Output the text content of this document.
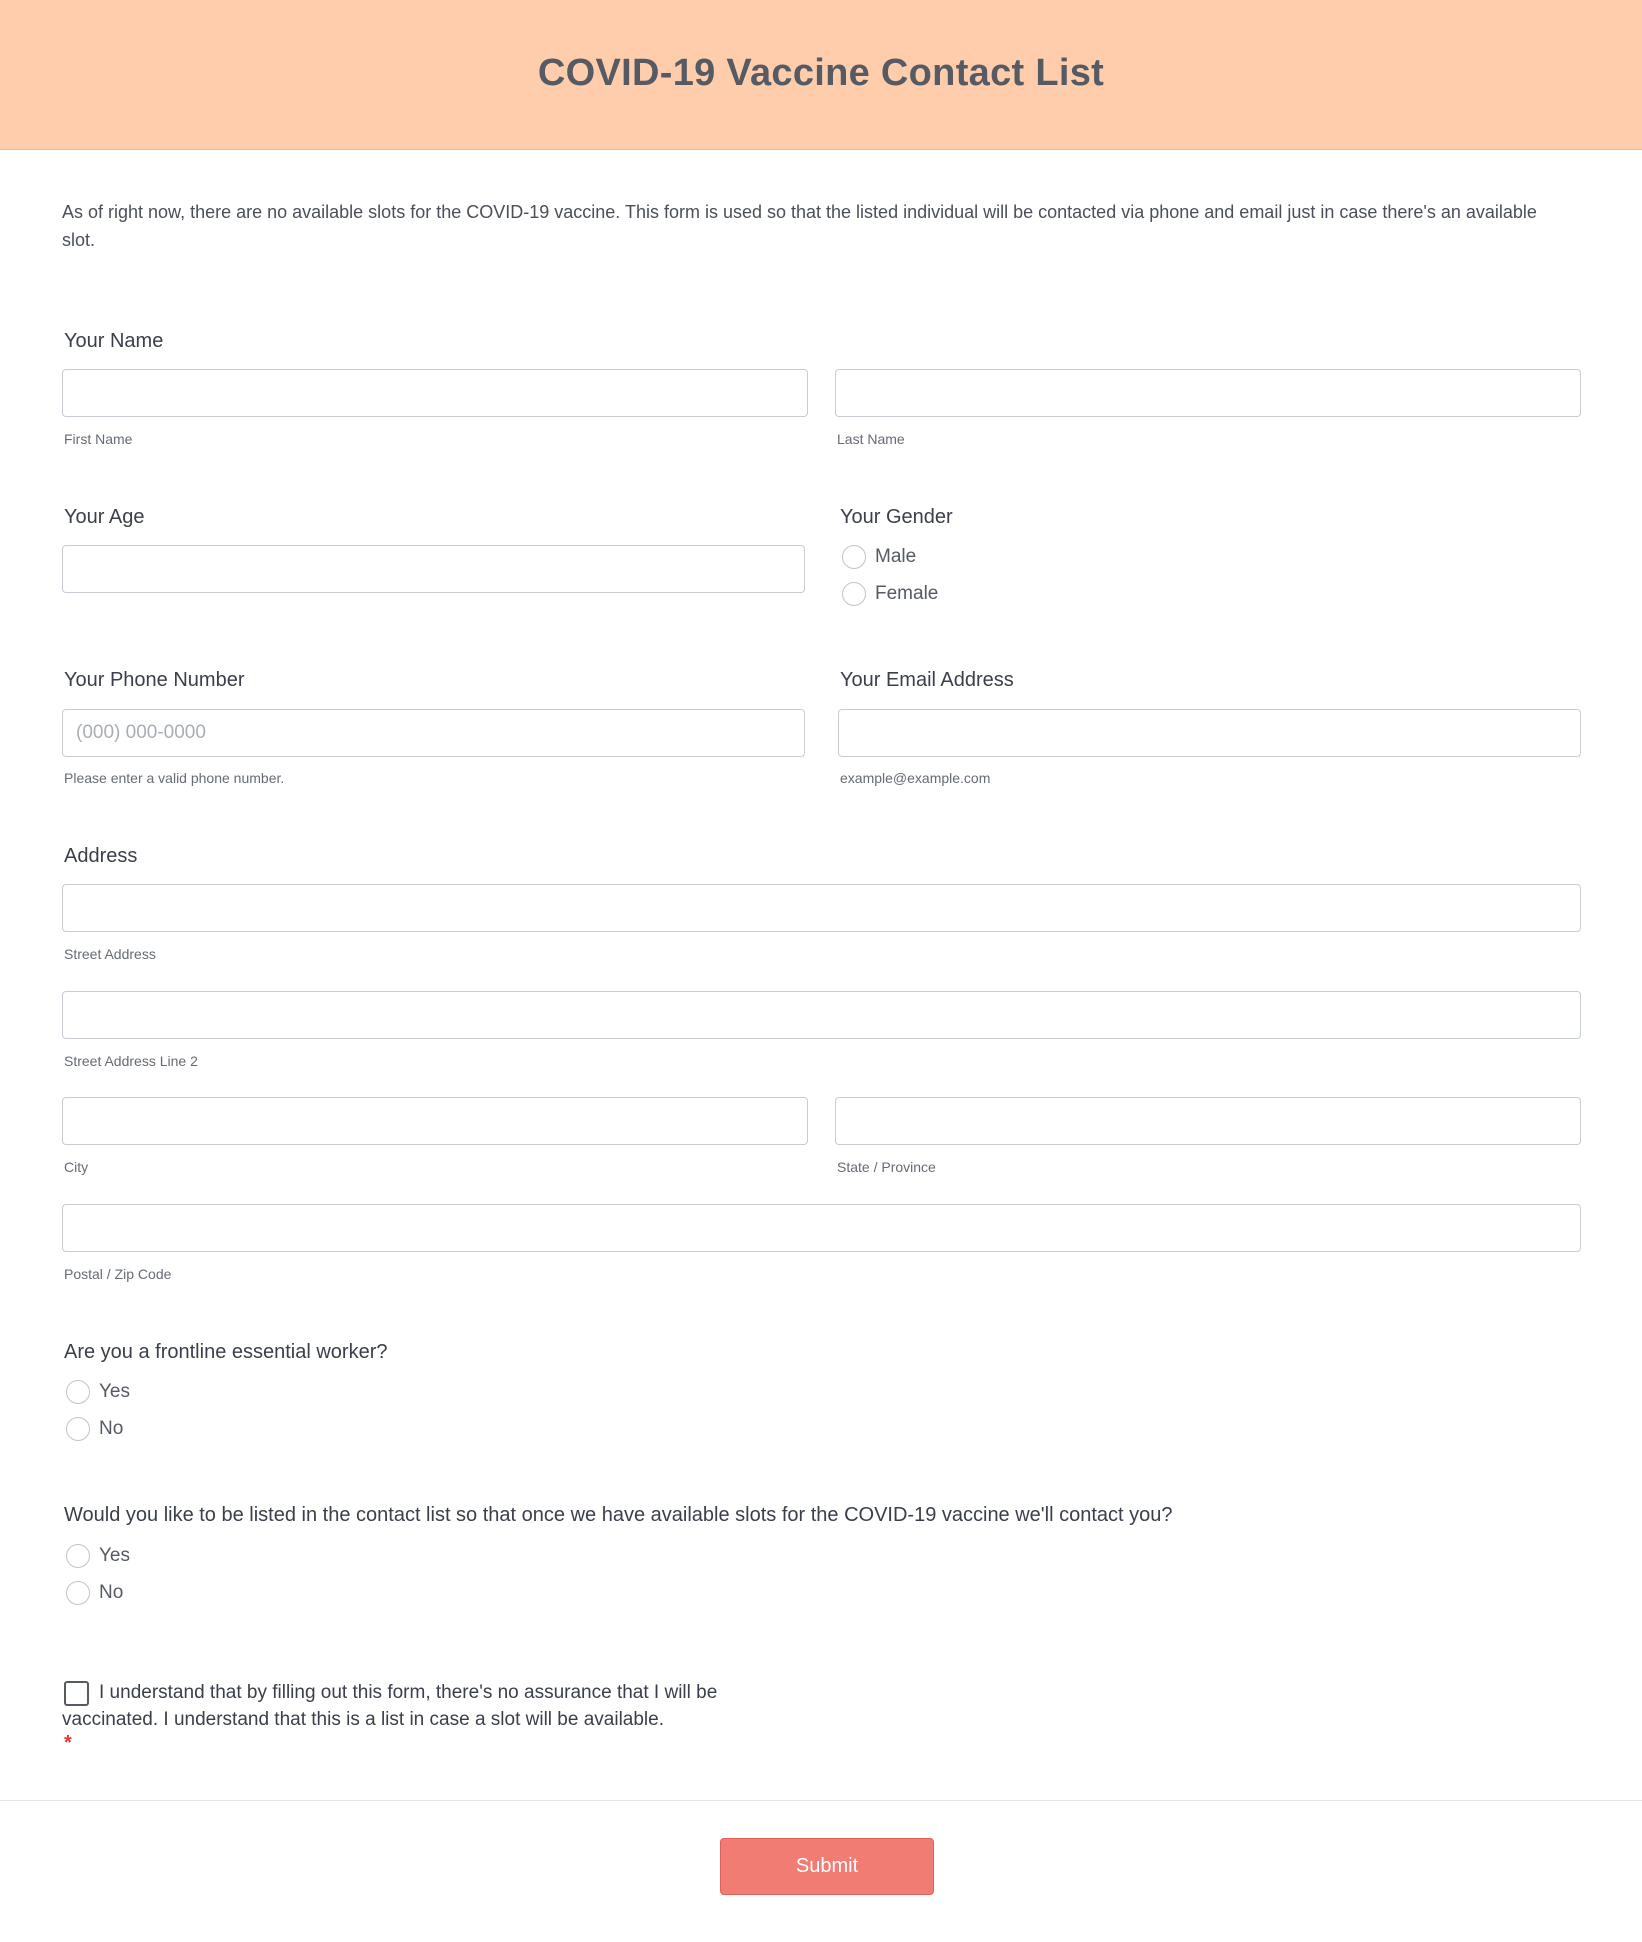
COVID-19 Vaccine Contact List

As of right now, there are no available slots for the COVID-19 vaccine. This form is used so that the listed individual will be contacted via phone and email just in case there's an available slot.

Your Name
First Name	Last Name
Your Age	Your Gender
Male
Female
Your Phone Number
(000) 000-0000
Please enter a valid phone number.
Your Email Address
example@example.com
Address
Street Address
Street Address Line 2
City	State / Province
Postal / Zip Code
Are you a frontline essential worker?
Yes
No
Would you like to be listed in the contact list so that once we have available slots for the COVID-19 vaccine we'll contact you?
Yes
No

I understand that by filling out this form, there's no assurance that I will be vaccinated. I understand that this is a list in case a slot will be available.

*
Submit
